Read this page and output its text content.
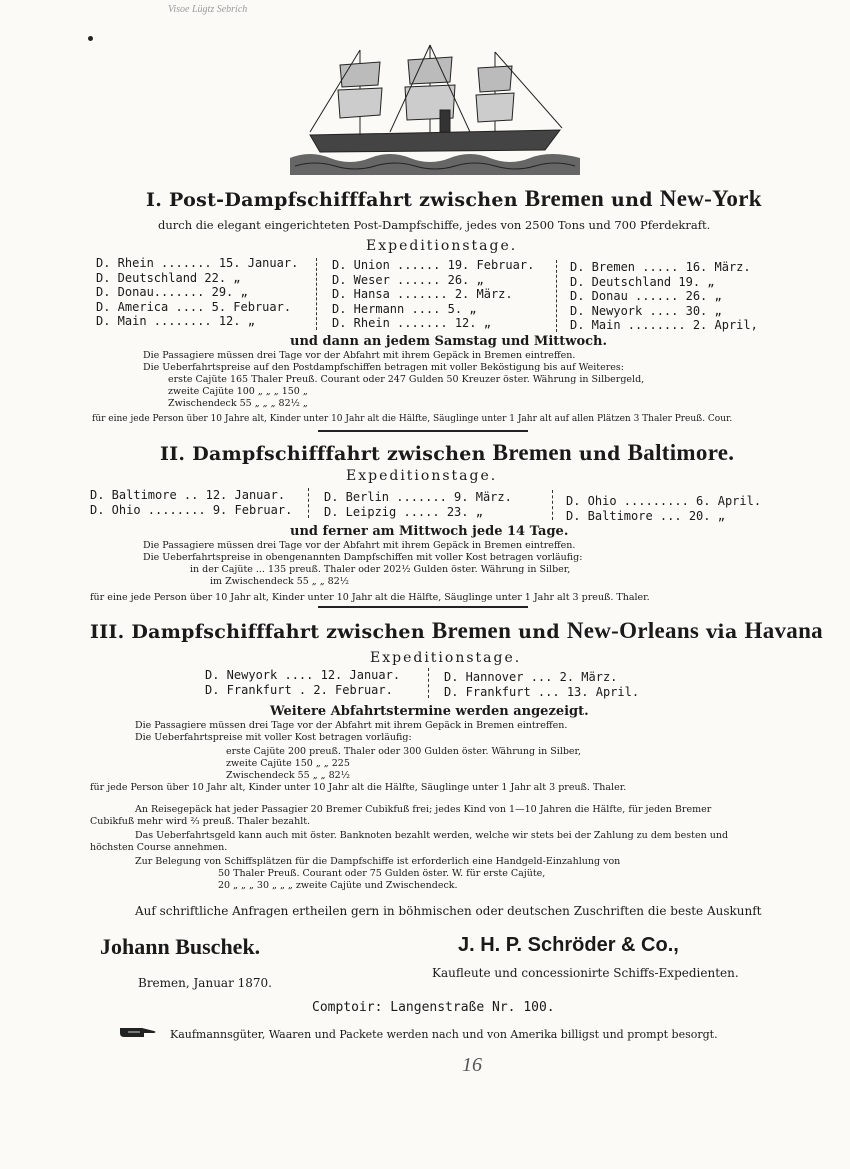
Visoe Lügtz Sebrich
I. Post-Dampfschifffahrt zwischen Bremen und New-York
durch die elegant eingerichteten Post-Dampfschiffe, jedes von 2500 Tons und 700 Pferdekraft.
Expeditionstage.
D. Rhein ....... 15. Januar.
D. Deutschland 22. „
D. Donau....... 29. „
D. America .... 5. Februar.
D. Main ........ 12. „
D. Union ...... 19. Februar.
D. Weser ...... 26. „
D. Hansa ....... 2. März.
D. Hermann .... 5. „
D. Rhein ....... 12. „
D. Bremen ..... 16. März.
D. Deutschland 19. „
D. Donau ...... 26. „
D. Newyork .... 30. „
D. Main ........ 2. April,
und dann an jedem Samstag und Mittwoch.
Die Passagiere müssen drei Tage vor der Abfahrt mit ihrem Gepäck in Bremen eintreffen.
Die Ueberfahrtspreise auf den Postdampfschiffen betragen mit voller Beköstigung bis auf Weiteres:
erste Cajüte 165 Thaler Preuß. Courant oder 247 Gulden 50 Kreuzer öster. Währung in Silbergeld,
zweite Cajüte 100 „ „ „ 150 „
Zwischendeck 55 „ „ „ 82½ „
für eine jede Person über 10 Jahre alt, Kinder unter 10 Jahr alt die Hälfte, Säuglinge unter 1 Jahr alt auf allen Plätzen 3 Thaler Preuß. Cour.
II. Dampfschifffahrt zwischen Bremen und Baltimore.
Expeditionstage.
D. Baltimore .. 12. Januar.
D. Ohio ........ 9. Februar.
D. Berlin ....... 9. März.
D. Leipzig ..... 23. „
D. Ohio ......... 6. April.
D. Baltimore ... 20. „
und ferner am Mittwoch jede 14 Tage.
Die Passagiere müssen drei Tage vor der Abfahrt mit ihrem Gepäck in Bremen eintreffen.
Die Ueberfahrtspreise in obengenannten Dampfschiffen mit voller Kost betragen vorläufig:
in der Cajüte ... 135 preuß. Thaler oder 202½ Gulden öster. Währung in Silber,
im Zwischendeck 55 „ „ 82½
für eine jede Person über 10 Jahr alt, Kinder unter 10 Jahr alt die Hälfte, Säuglinge unter 1 Jahr alt 3 preuß. Thaler.
III. Dampfschifffahrt zwischen Bremen und New-Orleans via Havana
Expeditionstage.
D. Newyork .... 12. Januar.
D. Frankfurt . 2. Februar.
D. Hannover ... 2. März.
D. Frankfurt ... 13. April.
Weitere Abfahrtstermine werden angezeigt.
Die Passagiere müssen drei Tage vor der Abfahrt mit ihrem Gepäck in Bremen eintreffen.
Die Ueberfahrtspreise mit voller Kost betragen vorläufig:
erste Cajüte 200 preuß. Thaler oder 300 Gulden öster. Währung in Silber,
zweite Cajüte 150 „ „ 225
Zwischendeck 55 „ „ 82½
für jede Person über 10 Jahr alt, Kinder unter 10 Jahr alt die Hälfte, Säuglinge unter 1 Jahr alt 3 preuß. Thaler.
An Reisegepäck hat jeder Passagier 20 Bremer Cubikfuß frei; jedes Kind von 1—10 Jahren die Hälfte, für jeden Bremer
Cubikfuß mehr wird ⅔ preuß. Thaler bezahlt.
Das Ueberfahrtsgeld kann auch mit öster. Banknoten bezahlt werden, welche wir stets bei der Zahlung zu dem besten und
höchsten Course annehmen.
Zur Belegung von Schiffsplätzen für die Dampfschiffe ist erforderlich eine Handgeld-Einzahlung von
50 Thaler Preuß. Courant oder 75 Gulden öster. W. für erste Cajüte,
20 „ „ „ 30 „ „ „ zweite Cajüte und Zwischendeck.
Auf schriftliche Anfragen ertheilen gern in böhmischen oder deutschen Zuschriften die beste Auskunft
Johann Buschek.	J. H. P. Schröder & Co.,
Kaufleute und concessionirte Schiffs-Expedienten.
Bremen, Januar 1870.
Comptoir: Langenstraße Nr. 100.
Kaufmannsgüter, Waaren und Packete werden nach und von Amerika billigst und prompt besorgt.
16
